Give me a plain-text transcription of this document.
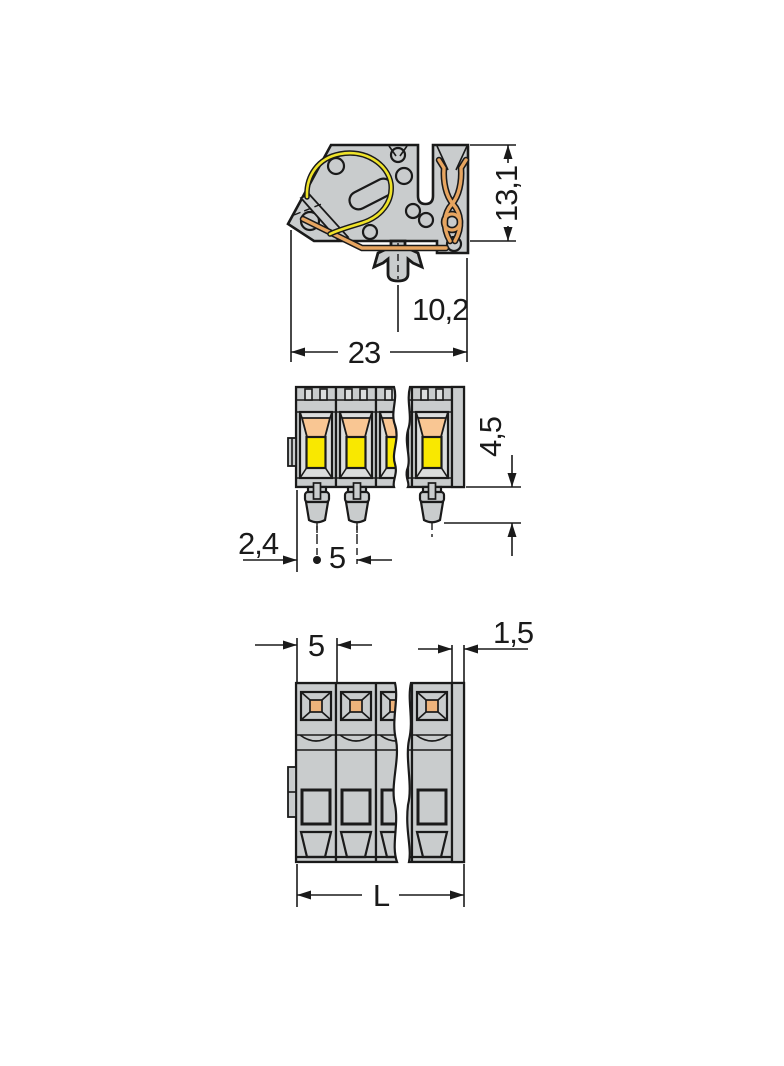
13,1
10,2
23
4,5
2,4 5
5	1,5
L
